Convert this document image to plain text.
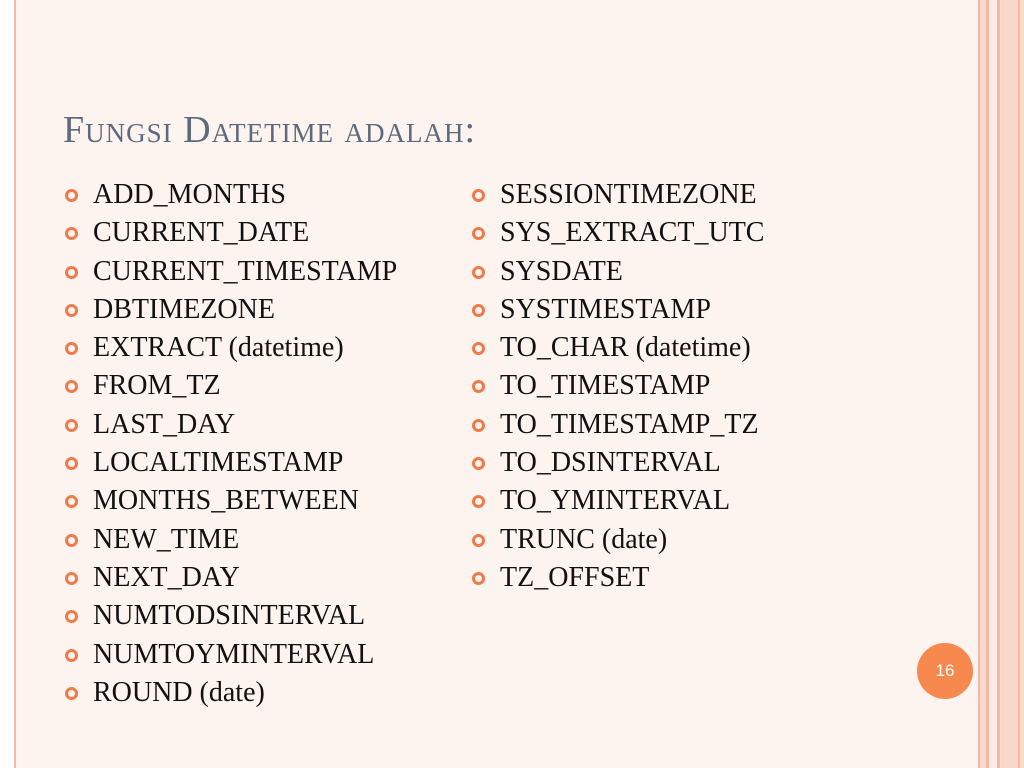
Fungsi Datetime adalah:
ADD_MONTHS
CURRENT_DATE
CURRENT_TIMESTAMP
DBTIMEZONE
EXTRACT (datetime)
FROM_TZ
LAST_DAY
LOCALTIMESTAMP
MONTHS_BETWEEN
NEW_TIME
NEXT_DAY
NUMTODSINTERVAL
NUMTOYMINTERVAL
ROUND (date)
SESSIONTIMEZONE
SYS_EXTRACT_UTC
SYSDATE
SYSTIMESTAMP
TO_CHAR (datetime)
TO_TIMESTAMP
TO_TIMESTAMP_TZ
TO_DSINTERVAL
TO_YMINTERVAL
TRUNC (date)
TZ_OFFSET
16
